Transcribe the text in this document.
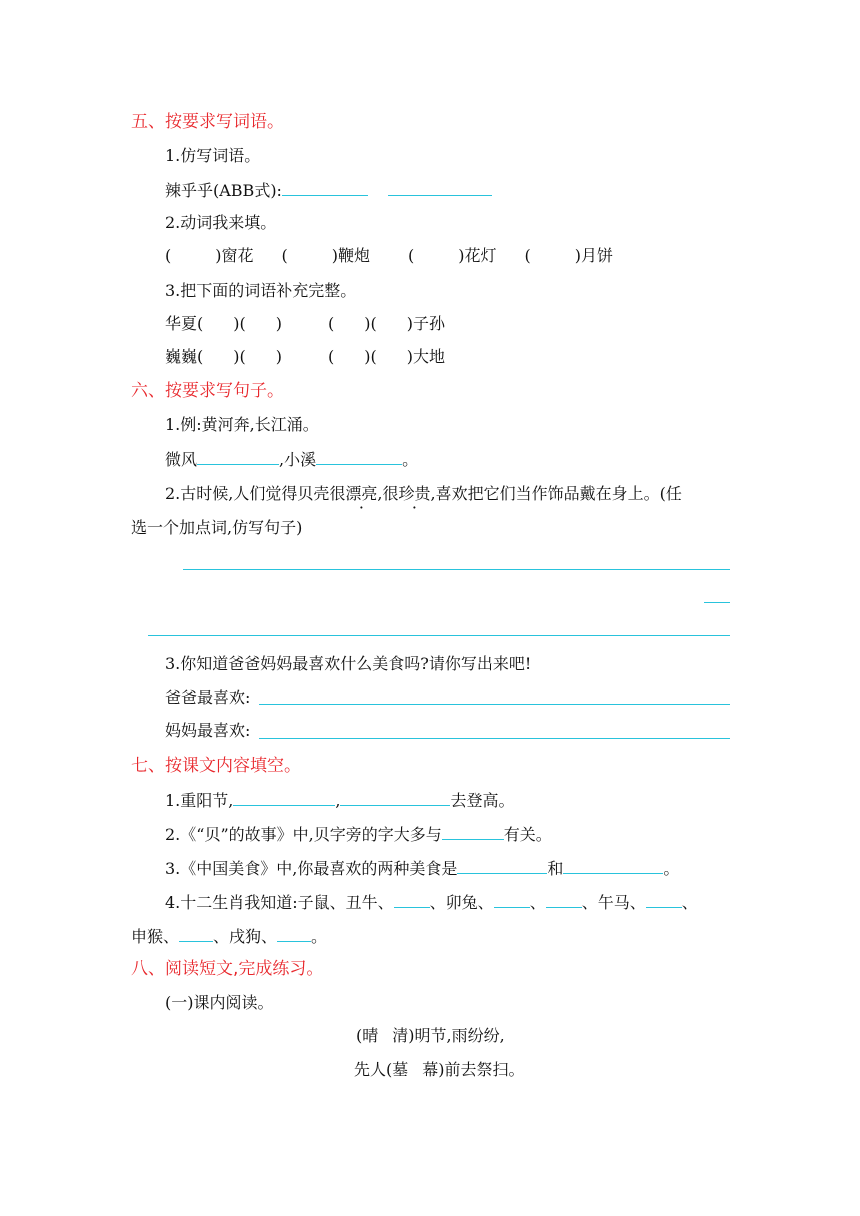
五、按要求写词语。
1.仿写词语。
辣乎乎(ABB式):
2.动词我来填。
(	)窗花 (	)鞭炮 (	)花灯 (	)月饼
3.把下面的词语补充完整。
华夏( )( )	( )( )子孙
巍巍( )( )	( )( )大地
六、按要求写句子。
1.例:黄河奔,长江涌。
微风	,小溪	。
2.古时候,人们觉得贝壳很漂亮,很珍贵,喜欢把它们当作饰品戴在身上。(任
选一个加点词,仿写句子)
3.你知道爸爸妈妈最喜欢什么美食吗?请你写出来吧!
爸爸最喜欢:
妈妈最喜欢:
七、按课文内容填空。
1.重阳节,	,	去登高。
2.《“贝”的故事》中,贝字旁的字大多与	有关。
3.《中国美食》中,你最喜欢的两种美食是	和	。
4.十二生肖我知道:子鼠、丑牛、 、卯兔、 、 、午马、 、
申猴、 、戌狗、 。
八、阅读短文,完成练习。
(一)课内阅读。
(晴 清)明节,雨纷纷,
先人(墓 幕)前去祭扫。
